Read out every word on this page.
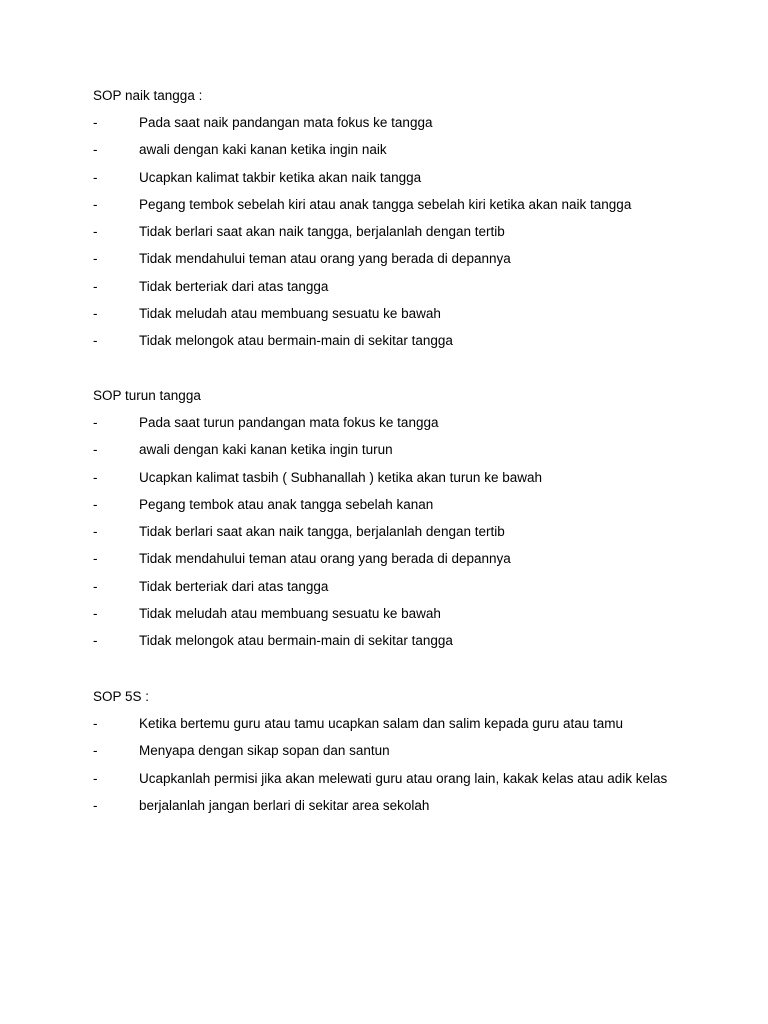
SOP naik tangga :
-	Pada saat naik pandangan mata fokus ke tangga
-	awali dengan kaki kanan ketika ingin naik
-	Ucapkan kalimat takbir ketika akan naik tangga
-	Pegang tembok sebelah kiri atau anak tangga sebelah kiri ketika akan naik tangga
-	Tidak berlari saat akan naik tangga, berjalanlah dengan tertib
-	Tidak mendahului teman atau orang yang berada di depannya
-	Tidak berteriak dari atas tangga
-	Tidak meludah atau membuang sesuatu ke bawah
-	Tidak melongok atau bermain-main di sekitar tangga
SOP turun tangga
-	Pada saat turun pandangan mata fokus ke tangga
-	awali dengan kaki kanan ketika ingin turun
-	Ucapkan kalimat tasbih ( Subhanallah ) ketika akan turun ke bawah
-	Pegang tembok atau anak tangga sebelah kanan
-	Tidak berlari saat akan naik tangga, berjalanlah dengan tertib
-	Tidak mendahului teman atau orang yang berada di depannya
-	Tidak berteriak dari atas tangga
-	Tidak meludah atau membuang sesuatu ke bawah
-	Tidak melongok atau bermain-main di sekitar tangga
SOP 5S :
-	Ketika bertemu guru atau tamu ucapkan salam dan salim kepada guru atau tamu
-	Menyapa dengan sikap sopan dan santun
-	Ucapkanlah permisi jika akan melewati guru atau orang lain, kakak kelas atau adik kelas
-	berjalanlah jangan berlari di sekitar area sekolah
